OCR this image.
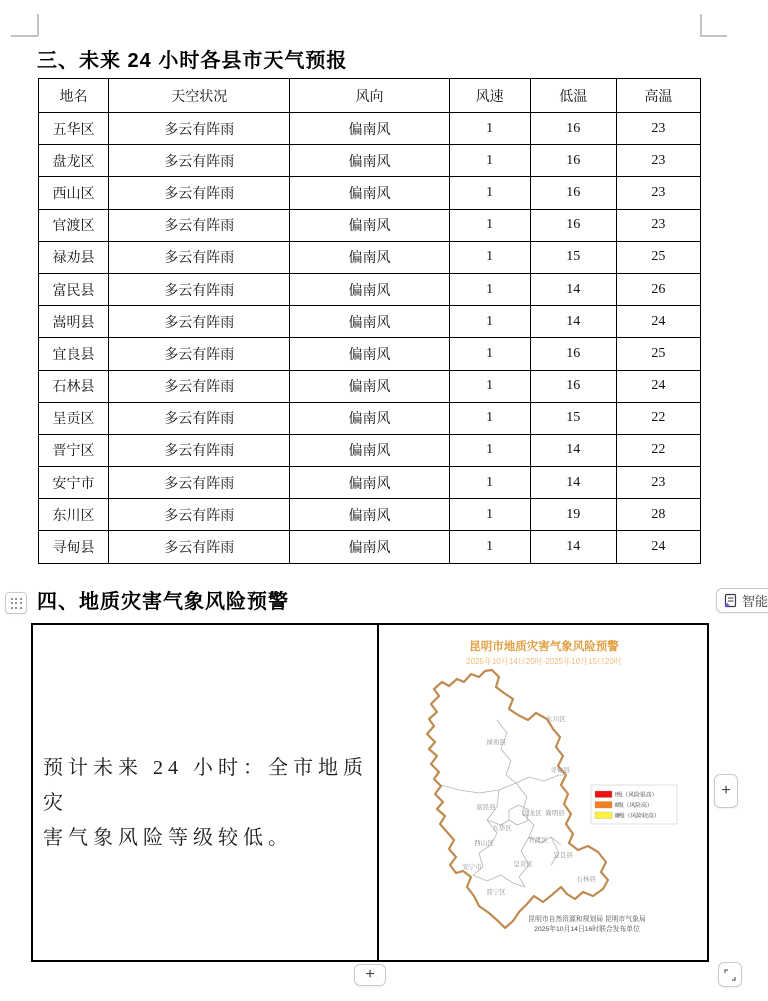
三、未来 24 小时各县市天气预报
四、地质灾害气象风险预警
地名	天空状况	风向	风速	低温	高温
五华区	多云有阵雨	偏南风	1	16	23
盘龙区	多云有阵雨	偏南风	1	16	23
西山区	多云有阵雨	偏南风	1	16	23
官渡区	多云有阵雨	偏南风	1	16	23
禄劝县	多云有阵雨	偏南风	1	15	25
富民县	多云有阵雨	偏南风	1	14	26
嵩明县	多云有阵雨	偏南风	1	14	24
宜良县	多云有阵雨	偏南风	1	16	25
石林县	多云有阵雨	偏南风	1	16	24
呈贡区	多云有阵雨	偏南风	1	15	22
晋宁区	多云有阵雨	偏南风	1	14	22
安宁市	多云有阵雨	偏南风	1	14	23
东川区	多云有阵雨	偏南风	1	19	28
寻甸县	多云有阵雨	偏南风	1	14	24
预计未来 24 小时：全市地质灾
害气象风险等级较低。
昆明市地质灾害气象风险预警
2025年10月14日20时-2025年10月15日20时
东川区
禄劝县
寻甸县
富民县
盘龙区 嵩明县
五华区
官渡区
西山区
宜良县
安宁市	呈贡区
石林县
晋宁区
Ⅰ级（风险很高）
Ⅱ级（风险高）
Ⅲ级（风险较高）
昆明市自然资源和规划局 昆明市气象局
2025年10月14日16时联合发布单位
智能
+
+
